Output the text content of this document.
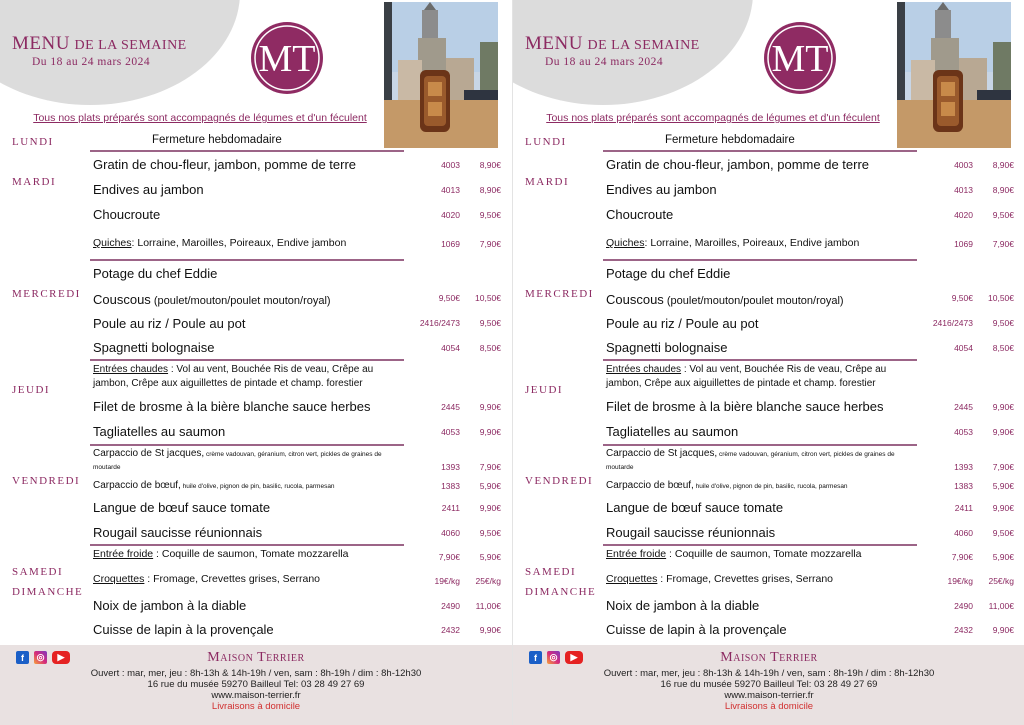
MENU DE LA SEMAINE
Du 18 au 24 mars 2024	MT
Tous nos plats préparés sont accompagnés de légumes et d'un féculent
LUNDI	Fermeture hebdomadaire
MARDI
Gratin de chou-fleur, jambon, pomme de terre	4003	8,90€
Endives au jambon	4013	8,90€
Choucroute	4020	9,50€
Quiches: Lorraine, Maroilles, Poireaux, Endive jambon	1069	7,90€
Potage du chef Eddie
MERCREDI Couscous (poulet/mouton/poulet mouton/royal)	9,50€	10,50€
Poule au riz / Poule au pot	2416/2473	9,50€
Spagnetti bolognaise	4054	8,50€
Entrées chaudes : Vol au vent, Bouchée Ris de veau, Crêpe au jambon, Crêpe aux aiguillettes de pintade et champ. forestier
JEUDI
Filet de brosme à la bière blanche sauce herbes	2445	9,90€
Tagliatelles au saumon	4053	9,90€
Carpaccio de St jacques, crème vadouvan, géranium, citron vert, pickles de graines de moutarde	1393	7,90€
VENDREDI Carpaccio de bœuf, huile d'olive, pignon de pin, basilic, rucola, parmesan	1383	5,90€
Langue de bœuf sauce tomate	2411	9,90€
Rougail saucisse réunionnais	4060	9,50€
Entrée froide : Coquille de saumon, Tomate mozzarella	7,90€	5,90€
SAMEDI
Croquettes : Fromage, Crevettes grises, Serrano	19€/kg	25€/kg
DIMANCHE
Noix de jambon à la diable	2490	11,00€
Cuisse de lapin à la provençale	2432	9,90€
f	◎	▶	MAISON TERRIER
Ouvert : mar, mer, jeu : 8h-13h & 14h-19h / ven, sam : 8h-19h / dim : 8h-12h30
16 rue du musée 59270 Bailleul Tel: 03 28 49 27 69
www.maison-terrier.fr
Livraisons à domicile
MENU DE LA SEMAINE
Du 18 au 24 mars 2024	MT
Tous nos plats préparés sont accompagnés de légumes et d'un féculent
LUNDI	Fermeture hebdomadaire
MARDI
Gratin de chou-fleur, jambon, pomme de terre	4003	8,90€
Endives au jambon	4013	8,90€
Choucroute	4020	9,50€
Quiches: Lorraine, Maroilles, Poireaux, Endive jambon	1069	7,90€
Potage du chef Eddie
MERCREDI Couscous (poulet/mouton/poulet mouton/royal)	9,50€	10,50€
Poule au riz / Poule au pot	2416/2473	9,50€
Spagnetti bolognaise	4054	8,50€
Entrées chaudes : Vol au vent, Bouchée Ris de veau, Crêpe au jambon, Crêpe aux aiguillettes de pintade et champ. forestier
JEUDI
Filet de brosme à la bière blanche sauce herbes	2445	9,90€
Tagliatelles au saumon	4053	9,90€
Carpaccio de St jacques, crème vadouvan, géranium, citron vert, pickles de graines de moutarde	1393	7,90€
VENDREDI Carpaccio de bœuf, huile d'olive, pignon de pin, basilic, rucola, parmesan	1383	5,90€
Langue de bœuf sauce tomate	2411	9,90€
Rougail saucisse réunionnais	4060	9,50€
Entrée froide : Coquille de saumon, Tomate mozzarella	7,90€	5,90€
SAMEDI
Croquettes : Fromage, Crevettes grises, Serrano	19€/kg	25€/kg
DIMANCHE
Noix de jambon à la diable	2490	11,00€
Cuisse de lapin à la provençale	2432	9,90€
f	◎	▶	MAISON TERRIER
Ouvert : mar, mer, jeu : 8h-13h & 14h-19h / ven, sam : 8h-19h / dim : 8h-12h30
16 rue du musée 59270 Bailleul Tel: 03 28 49 27 69
www.maison-terrier.fr
Livraisons à domicile
